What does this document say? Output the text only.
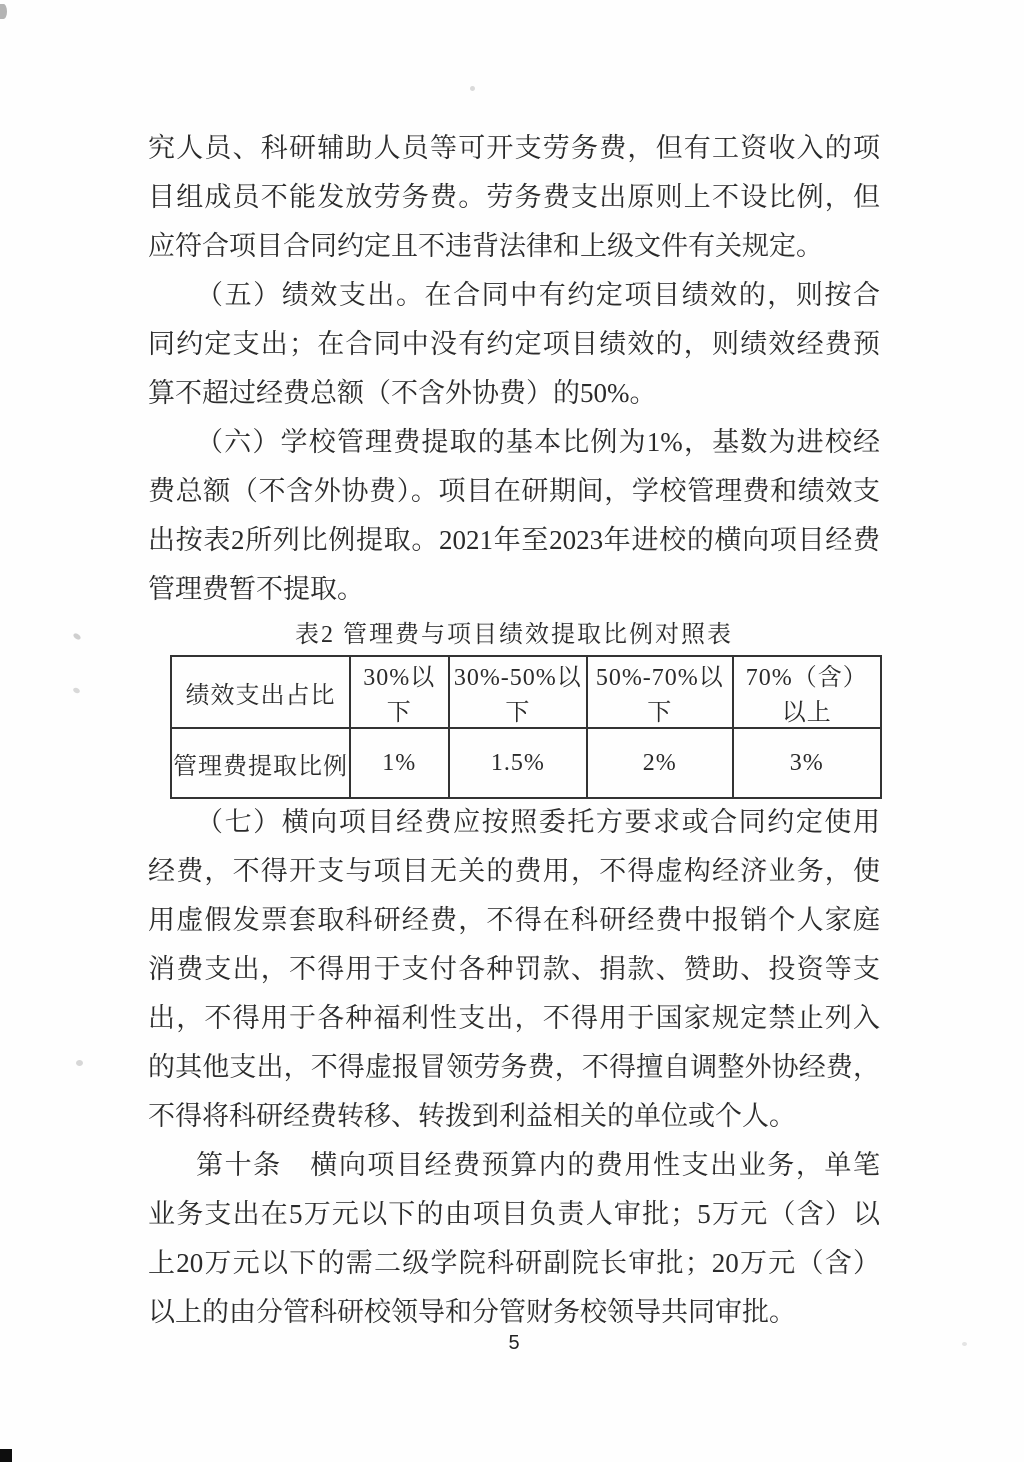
究人员、科研辅助人员等可开支劳务费，但有工资收入的项
目组成员不能发放劳务费。劳务费支出原则上不设比例，但
应符合项目合同约定且不违背法律和上级文件有关规定。
（五）绩效支出。在合同中有约定项目绩效的，则按合
同约定支出；在合同中没有约定项目绩效的，则绩效经费预
算不超过经费总额（不含外协费）的50%。
（六）学校管理费提取的基本比例为1%，基数为进校经
费总额（不含外协费）。项目在研期间，学校管理费和绩效支
出按表2所列比例提取。2021年至2023年进校的横向项目经费
管理费暂不提取。
表2 管理费与项目绩效提取比例对照表
绩效支出占比	30%以下	30%-50%以下	50%-70%以下	70%（含）以上
管理费提取比例	1%	1.5%	2%	3%
（七）横向项目经费应按照委托方要求或合同约定使用
经费，不得开支与项目无关的费用，不得虚构经济业务，使
用虚假发票套取科研经费，不得在科研经费中报销个人家庭
消费支出，不得用于支付各种罚款、捐款、赞助、投资等支
出，不得用于各种福利性支出，不得用于国家规定禁止列入
的其他支出，不得虚报冒领劳务费，不得擅自调整外协经费，
不得将科研经费转移、转拨到利益相关的单位或个人。
第十条　横向项目经费预算内的费用性支出业务，单笔
业务支出在5万元以下的由项目负责人审批；5万元（含）以
上20万元以下的需二级学院科研副院长审批；20万元（含）
以上的由分管科研校领导和分管财务校领导共同审批。
5
